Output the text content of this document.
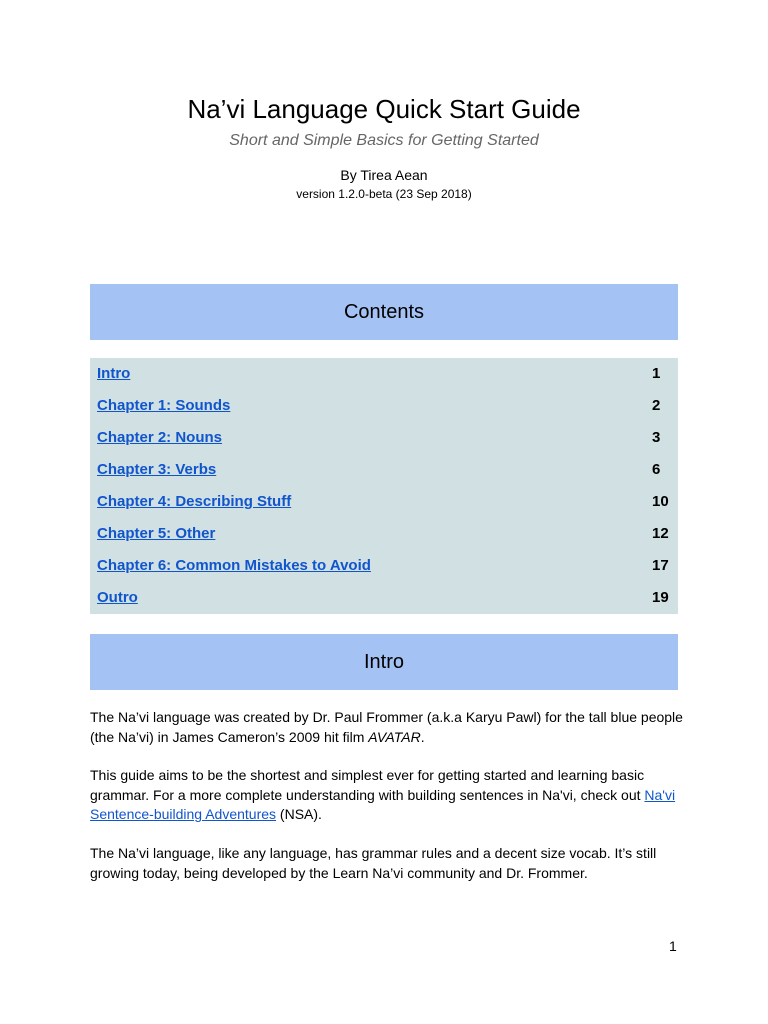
Na’vi Language Quick Start Guide
Short and Simple Basics for Getting Started
By Tirea Aean
version 1.2.0-beta (23 Sep 2018)
Contents
Intro	1
Chapter 1: Sounds	2
Chapter 2: Nouns	3
Chapter 3: Verbs	6
Chapter 4: Describing Stuff	10
Chapter 5: Other	12
Chapter 6: Common Mistakes to Avoid	17
Outro	19
Intro

The Na’vi language was created by Dr. Paul Frommer (a.k.a Karyu Pawl) for the tall blue people (the Na’vi) in James Cameron’s 2009 hit film AVATAR.

This guide aims to be the shortest and simplest ever for getting started and learning basic grammar. For a more complete understanding with building sentences in Na'vi, check out Na'vi Sentence-building Adventures (NSA).

The Na’vi language, like any language, has grammar rules and a decent size vocab. It’s still growing today, being developed by the Learn Na’vi community and Dr. Frommer.

1
